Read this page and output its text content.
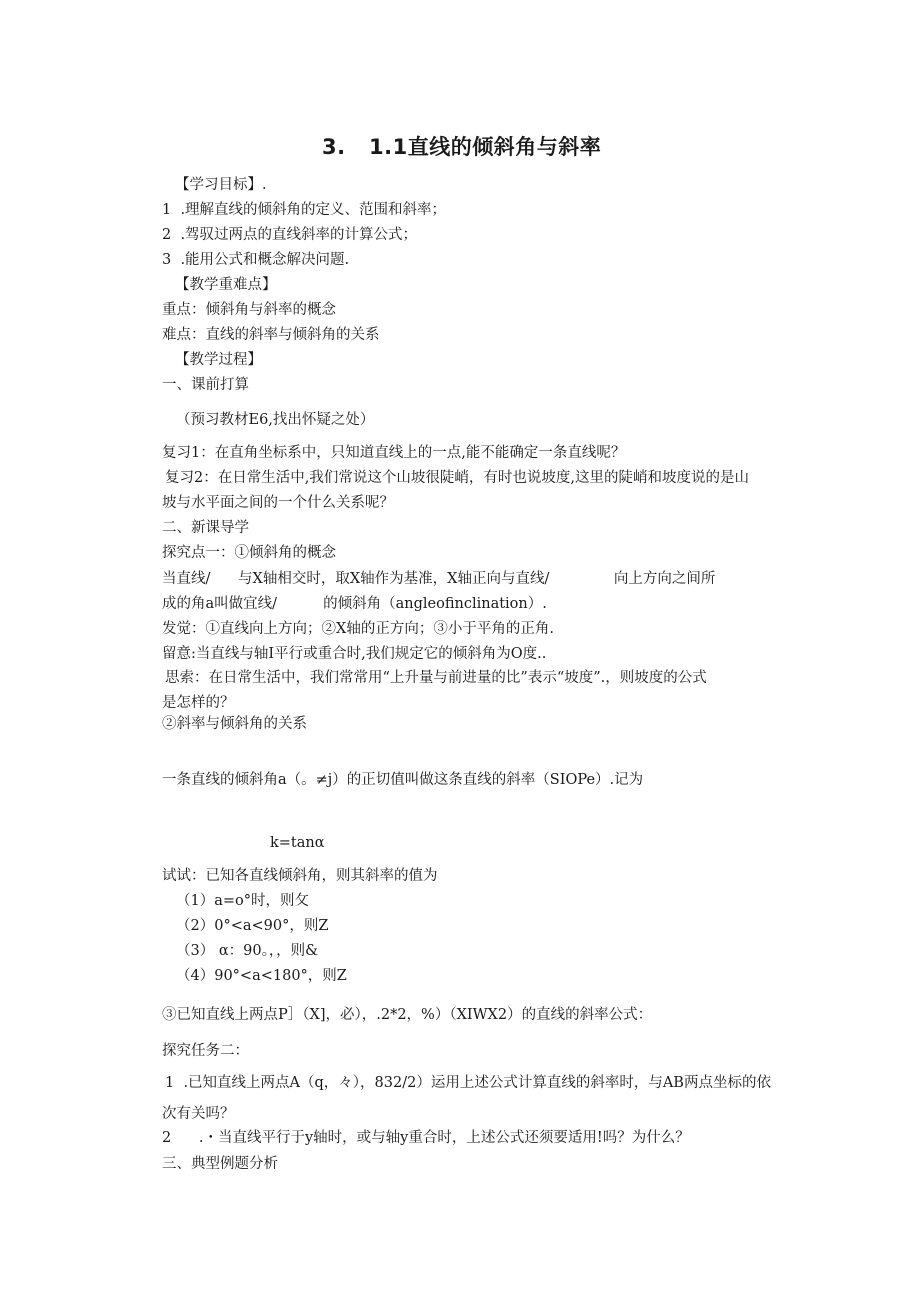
3.   1.1直线的倾斜角与斜率
【学习目标】.
1  .理解直线的倾斜角的定义、范围和斜率；
2  .驾驭过两点的直线斜率的计算公式；
3  .能用公式和概念解决问题.
【教学重难点】
重点：倾斜角与斜率的概念
难点：直线的斜率与倾斜角的关系
【教学过程】
一、课前打算
（预习教材E6,找出怀疑之处）
复习1：在直角坐标系中，只知道直线上的一点,能不能确定一条直线呢？
复习2：在日常生活中,我们常说这个山坡很陡峭，有时也说坡度,这里的陡峭和坡度说的是山
坡与水平面之间的一个什么关系呢？
二、新课导学
探究点一：①倾斜角的概念
当直线/      与X轴相交时，取X轴作为基准，X轴正向与直线/              向上方向之间所
成的角a叫做宜线/          的倾斜角（angleofinclination）.
发觉：①直线向上方向；②X轴的正方向；③小于平角的正角.
留意:当直线与轴I平行或重合时,我们规定它的倾斜角为O度..
思索：在日常生活中，我们常常用“上升量与前进量的比”表示“坡度”.，则坡度的公式
是怎样的？
②斜率与倾斜角的关系
一条直线的倾斜角a（。≠j）的正切值叫做这条直线的斜率（SIOPe）.记为
k=tanα
试试：已知各直线倾斜角，则其斜率的值为
（1）a=o°时，则攵
（2）0°<a<90°，则Z
（3） α：90。，，则&
（4）90°<a<180°，则Z
③已知直线上两点P］（X]，必），.2*2，%）（XIWX2）的直线的斜率公式：
探究任务二：
1  .已知直线上两点A（q，々），832/2）运用上述公式计算直线的斜率时，与AB两点坐标的依
次有关吗？
2      .・当直线平行于y轴时，或与轴y重合时，上述公式还须要适用!吗？为什么？
三、典型例题分析
